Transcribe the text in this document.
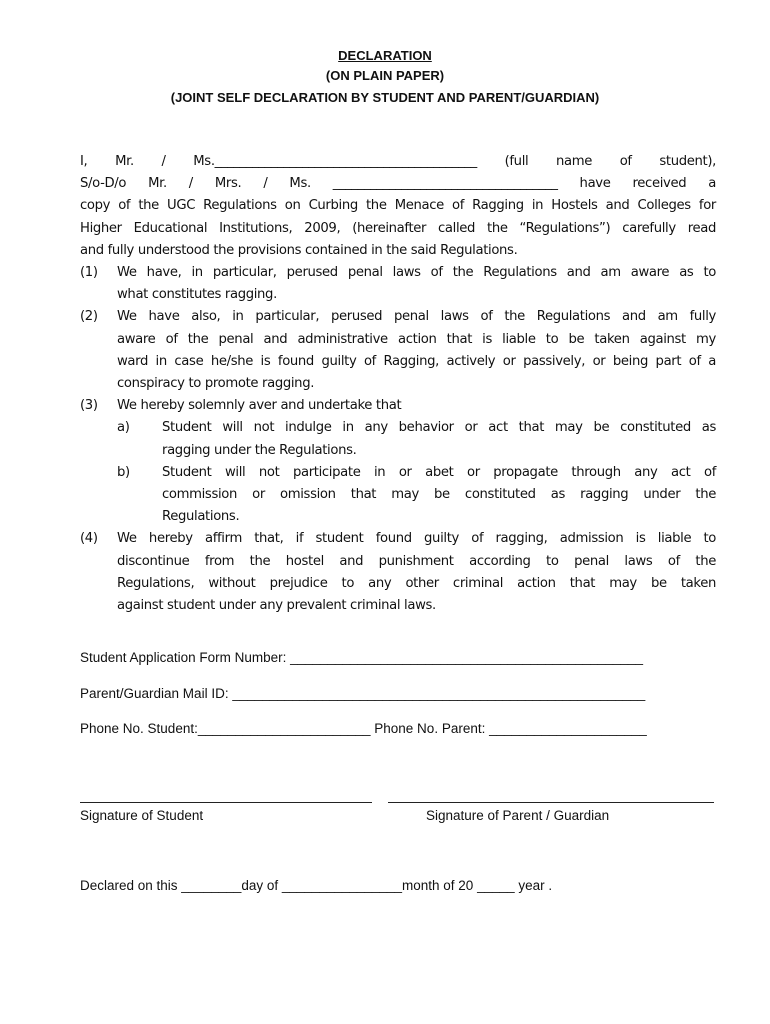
DECLARATION
(ON PLAIN PAPER)
(JOINT SELF DECLARATION BY STUDENT AND PARENT/GUARDIAN)
I, Mr. / Ms.__________________________________________ (full name of student),
S/o-D/o Mr. / Mrs. / Ms. ____________________________________ have received a
copy of the UGC Regulations on Curbing the Menace of Ragging in Hostels and Colleges for
Higher Educational Institutions, 2009, (hereinafter called the “Regulations”) carefully read
and fully understood the provisions contained in the said Regulations.
(1)	We have, in particular, perused penal laws of the Regulations and am aware as to
what constitutes ragging.
(2)	We have also, in particular, perused penal laws of the Regulations and am fully
aware of the penal and administrative action that is liable to be taken against my
ward in case he/she is found guilty of Ragging, actively or passively, or being part of a
conspiracy to promote ragging.
(3)	We hereby solemnly aver and undertake that
a)	Student will not indulge in any behavior or act that may be constituted as
ragging under the Regulations.
b)	Student will not participate in or abet or propagate through any act of
commission or omission that may be constituted as ragging under the
Regulations.
(4)	We hereby affirm that, if student found guilty of ragging, admission is liable to
discontinue from the hostel and punishment according to penal laws of the
Regulations, without prejudice to any other criminal action that may be taken
against student under any prevalent criminal laws.
Student Application Form Number: _______________________________________________
Parent/Guardian Mail ID: _______________________________________________________
Phone No. Student:_______________________ Phone No. Parent: _____________________
Signature of Student	Signature of Parent / Guardian
Declared on this ________day of ________________month of 20 _____ year .
